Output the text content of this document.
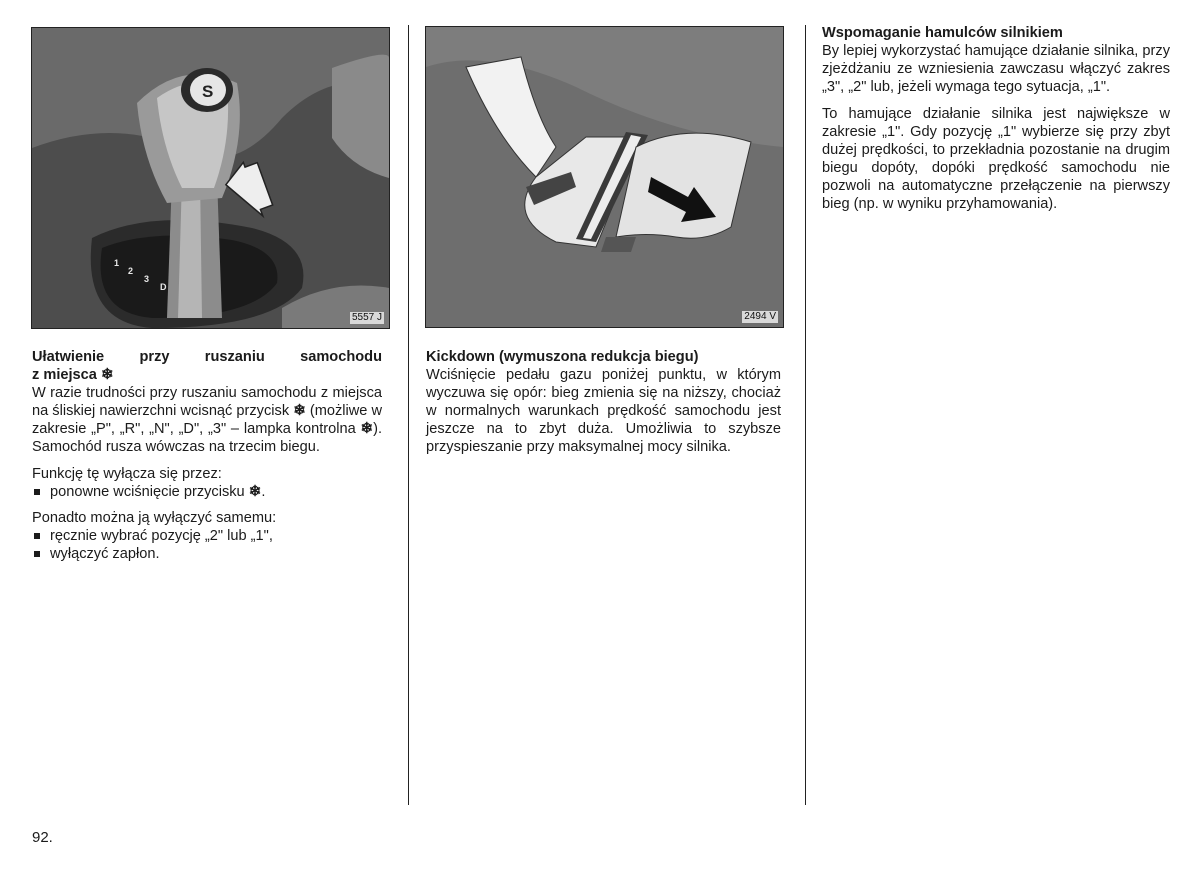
1
2
3
D
S
5557 J	2494 V
Ułatwienie przy ruszaniu samochodu
z miejsca ❄

W razie trudności przy ruszaniu samochodu z miejsca na śliskiej nawierzchni wcisnąć przycisk ❄ (możliwe w zakresie „P", „R", „N", „D", „3" – lampka kontrolna ❄). Samochód rusza wówczas na trzecim biegu.

Funkcję tę wyłącza się przez:
ponowne wciśnięcie przycisku ❄.
Ponadto można ją wyłączyć samemu:
ręcznie wybrać pozycję „2" lub „1",
wyłączyć zapłon.
Kickdown (wymuszona redukcja biegu)

Wciśnięcie pedału gazu poniżej punktu, w którym wyczuwa się opór: bieg zmienia się na niższy, chociaż w normalnych warunkach prędkość samochodu jest jeszcze na to zbyt duża. Umożliwia to szybsze przyspieszanie przy maksymalnej mocy silnika.

Wspomaganie hamulców silnikiem

By lepiej wykorzystać hamujące działanie silnika, przy zjeżdżaniu ze wzniesienia zawczasu włączyć zakres „3", „2" lub, jeżeli wymaga tego sytuacja, „1".

To hamujące działanie silnika jest największe w zakresie „1". Gdy pozycję „1" wybierze się przy zbyt dużej prędkości, to przekładnia pozostanie na drugim biegu dopóty, dopóki prędkość samochodu nie pozwoli na automatyczne przełączenie na pierwszy bieg (np. w wyniku przyhamowania).

92.
